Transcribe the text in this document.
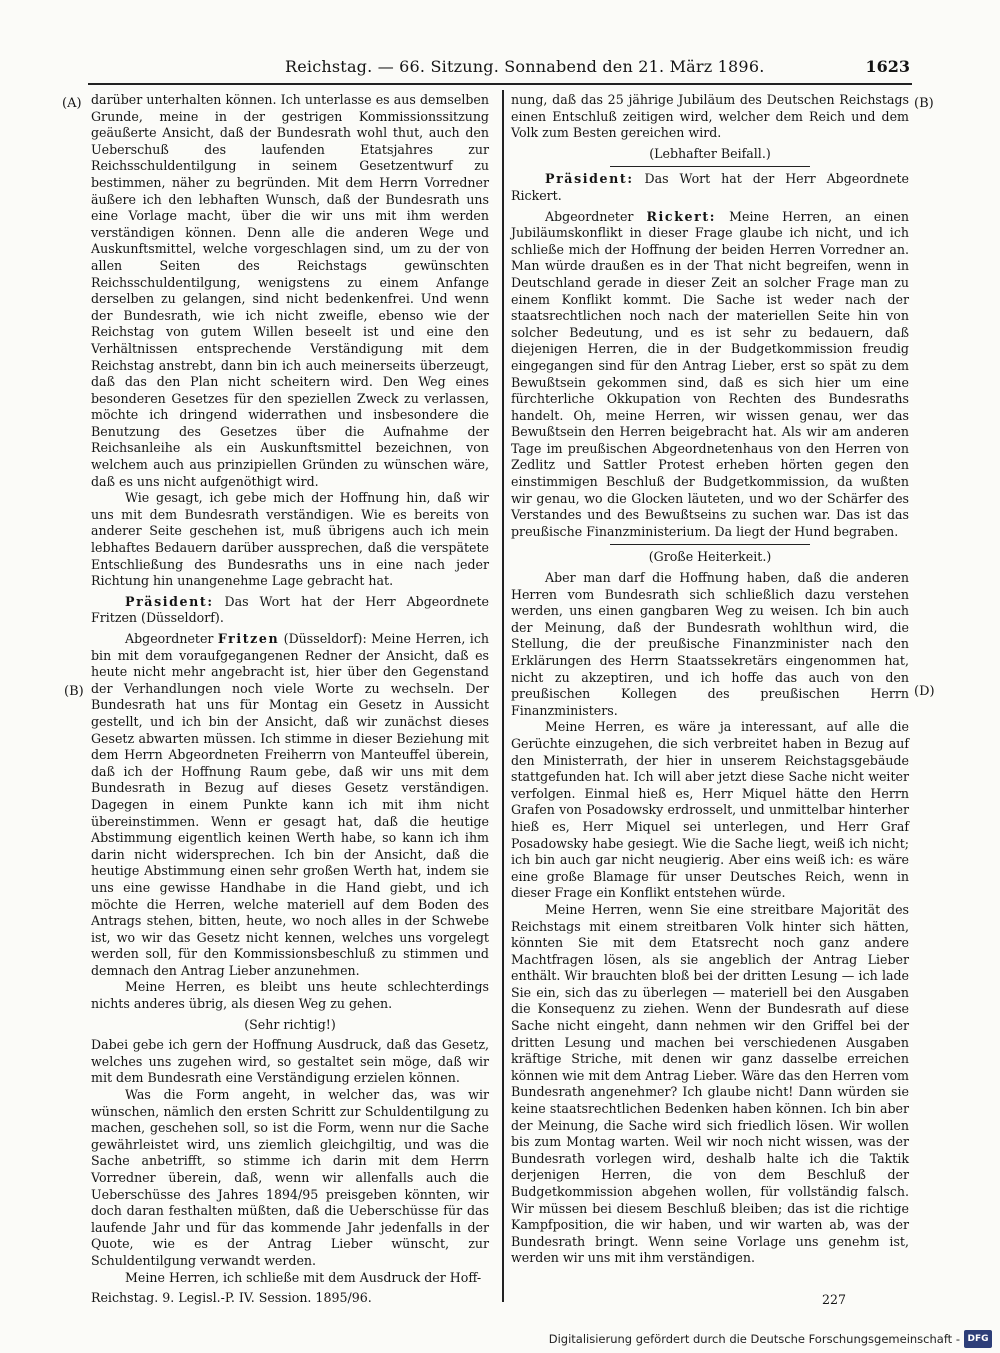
Reichstag. — 66. Sitzung. Sonnabend den 21. März 1896.	1623
(A)
(B)
(B)
(D)

darüber unterhalten können. Ich unterlasse es aus demselben Grunde, meine in der gestrigen Kommissionssitzung geäußerte Ansicht, daß der Bundesrath wohl thut, auch den Ueberschuß des laufenden Etatsjahres zur Reichsschuldentilgung in seinem Gesetzentwurf zu bestimmen, näher zu begründen. Mit dem Herrn Vorredner äußere ich den lebhaften Wunsch, daß der Bundesrath uns eine Vorlage macht, über die wir uns mit ihm werden verständigen können. Denn alle die anderen Wege und Auskunftsmittel, welche vorgeschlagen sind, um zu der von allen Seiten des Reichstags gewünschten Reichsschuldentilgung, wenigstens zu einem Anfange derselben zu gelangen, sind nicht bedenkenfrei. Und wenn der Bundesrath, wie ich nicht zweifle, ebenso wie der Reichstag von gutem Willen beseelt ist und eine den Verhältnissen entsprechende Verständigung mit dem Reichstag anstrebt, dann bin ich auch meinerseits überzeugt, daß das den Plan nicht scheitern wird. Den Weg eines besonderen Gesetzes für den speziellen Zweck zu verlassen, möchte ich dringend widerrathen und insbesondere die Benutzung des Gesetzes über die Aufnahme der Reichsanleihe als ein Auskunftsmittel bezeichnen, von welchem auch aus prinzipiellen Gründen zu wünschen wäre, daß es uns nicht aufgenöthigt wird.

Wie gesagt, ich gebe mich der Hoffnung hin, daß wir uns mit dem Bundesrath verständigen. Wie es bereits von anderer Seite geschehen ist, muß übrigens auch ich mein lebhaftes Bedauern darüber aussprechen, daß die verspätete Entschließung des Bundesraths uns in eine nach jeder Richtung hin unangenehme Lage gebracht hat.

Präsident: Das Wort hat der Herr Abgeordnete Fritzen (Düsseldorf).

Abgeordneter Fritzen (Düsseldorf): Meine Herren, ich bin mit dem voraufgegangenen Redner der Ansicht, daß es heute nicht mehr angebracht ist, hier über den Gegenstand der Verhandlungen noch viele Worte zu wechseln. Der Bundesrath hat uns für Montag ein Gesetz in Aussicht gestellt, und ich bin der Ansicht, daß wir zunächst dieses Gesetz abwarten müssen. Ich stimme in dieser Beziehung mit dem Herrn Abgeordneten Freiherrn von Manteuffel überein, daß ich der Hoffnung Raum gebe, daß wir uns mit dem Bundesrath in Bezug auf dieses Gesetz verständigen. Dagegen in einem Punkte kann ich mit ihm nicht übereinstimmen. Wenn er gesagt hat, daß die heutige Abstimmung eigentlich keinen Werth habe, so kann ich ihm darin nicht widersprechen. Ich bin der Ansicht, daß die heutige Abstimmung einen sehr großen Werth hat, indem sie uns eine gewisse Handhabe in die Hand giebt, und ich möchte die Herren, welche materiell auf dem Boden des Antrags stehen, bitten, heute, wo noch alles in der Schwebe ist, wo wir das Gesetz nicht kennen, welches uns vorgelegt werden soll, für den Kommissionsbeschluß zu stimmen und demnach den Antrag Lieber anzunehmen.

Meine Herren, es bleibt uns heute schlechterdings nichts anderes übrig, als diesen Weg zu gehen.

(Sehr richtig!)

Dabei gebe ich gern der Hoffnung Ausdruck, daß das Gesetz, welches uns zugehen wird, so gestaltet sein möge, daß wir mit dem Bundesrath eine Verständigung erzielen können.

Was die Form angeht, in welcher das, was wir wünschen, nämlich den ersten Schritt zur Schuldentilgung zu machen, geschehen soll, so ist die Form, wenn nur die Sache gewährleistet wird, uns ziemlich gleichgiltig, und was die Sache anbetrifft, so stimme ich darin mit dem Herrn Vorredner überein, daß, wenn wir allenfalls auch die Ueberschüsse des Jahres 1894/95 preisgeben könnten, wir doch daran festhalten müßten, daß die Ueberschüsse für das laufende Jahr und für das kommende Jahr jedenfalls in der Quote, wie es der Antrag Lieber wünscht, zur Schuldentilgung verwandt werden.

Meine Herren, ich schließe mit dem Ausdruck der Hoff-

nung, daß das 25 jährige Jubiläum des Deutschen Reichstags einen Entschluß zeitigen wird, welcher dem Reich und dem Volk zum Besten gereichen wird.

(Lebhafter Beifall.)

Präsident: Das Wort hat der Herr Abgeordnete Rickert.

Abgeordneter Rickert: Meine Herren, an einen Jubiläumskonflikt in dieser Frage glaube ich nicht, und ich schließe mich der Hoffnung der beiden Herren Vorredner an. Man würde draußen es in der That nicht begreifen, wenn in Deutschland gerade in dieser Zeit an solcher Frage man zu einem Konflikt kommt. Die Sache ist weder nach der staatsrechtlichen noch nach der materiellen Seite hin von solcher Bedeutung, und es ist sehr zu bedauern, daß diejenigen Herren, die in der Budgetkommission freudig eingegangen sind für den Antrag Lieber, erst so spät zu dem Bewußtsein gekommen sind, daß es sich hier um eine fürchterliche Okkupation von Rechten des Bundesraths handelt. Oh, meine Herren, wir wissen genau, wer das Bewußtsein den Herren beigebracht hat. Als wir am anderen Tage im preußischen Abgeordnetenhaus von den Herren von Zedlitz und Sattler Protest erheben hörten gegen den einstimmigen Beschluß der Budgetkommission, da wußten wir genau, wo die Glocken läuteten, und wo der Schärfer des Verstandes und des Bewußtseins zu suchen war. Das ist das preußische Finanzministerium. Da liegt der Hund begraben.

(Große Heiterkeit.)

Aber man darf die Hoffnung haben, daß die anderen Herren vom Bundesrath sich schließlich dazu verstehen werden, uns einen gangbaren Weg zu weisen. Ich bin auch der Meinung, daß der Bundesrath wohlthun wird, die Stellung, die der preußische Finanzminister nach den Erklärungen des Herrn Staatssekretärs eingenommen hat, nicht zu akzeptiren, und ich hoffe das auch von den preußischen Kollegen des preußischen Herrn Finanzministers.

Meine Herren, es wäre ja interessant, auf alle die Gerüchte einzugehen, die sich verbreitet haben in Bezug auf den Ministerrath, der hier in unserem Reichstagsgebäude stattgefunden hat. Ich will aber jetzt diese Sache nicht weiter verfolgen. Einmal hieß es, Herr Miquel hätte den Herrn Grafen von Posadowsky erdrosselt, und unmittelbar hinterher hieß es, Herr Miquel sei unterlegen, und Herr Graf Posadowsky habe gesiegt. Wie die Sache liegt, weiß ich nicht; ich bin auch gar nicht neugierig. Aber eins weiß ich: es wäre eine große Blamage für unser Deutsches Reich, wenn in dieser Frage ein Konflikt entstehen würde.

Meine Herren, wenn Sie eine streitbare Majorität des Reichstags mit einem streitbaren Volk hinter sich hätten, könnten Sie mit dem Etatsrecht noch ganz andere Machtfragen lösen, als sie angeblich der Antrag Lieber enthält. Wir brauchten bloß bei der dritten Lesung — ich lade Sie ein, sich das zu überlegen — materiell bei den Ausgaben die Konsequenz zu ziehen. Wenn der Bundesrath auf diese Sache nicht eingeht, dann nehmen wir den Griffel bei der dritten Lesung und machen bei verschiedenen Ausgaben kräftige Striche, mit denen wir ganz dasselbe erreichen können wie mit dem Antrag Lieber. Wäre das den Herren vom Bundesrath angenehmer? Ich glaube nicht! Dann würden sie keine staatsrechtlichen Bedenken haben können. Ich bin aber der Meinung, die Sache wird sich friedlich lösen. Wir wollen bis zum Montag warten. Weil wir noch nicht wissen, was der Bundesrath vorlegen wird, deshalb halte ich die Taktik derjenigen Herren, die von dem Beschluß der Budgetkommission abgehen wollen, für vollständig falsch. Wir müssen bei diesem Beschluß bleiben; das ist die richtige Kampfposition, die wir haben, und wir warten ab, was der Bundesrath bringt. Wenn seine Vorlage uns genehm ist, werden wir uns mit ihm verständigen.

Reichstag. 9. Legisl.-P. IV. Session. 1895/96.	227
Digitalisierung gefördert durch die Deutsche Forschungsgemeinschaft - DFG
